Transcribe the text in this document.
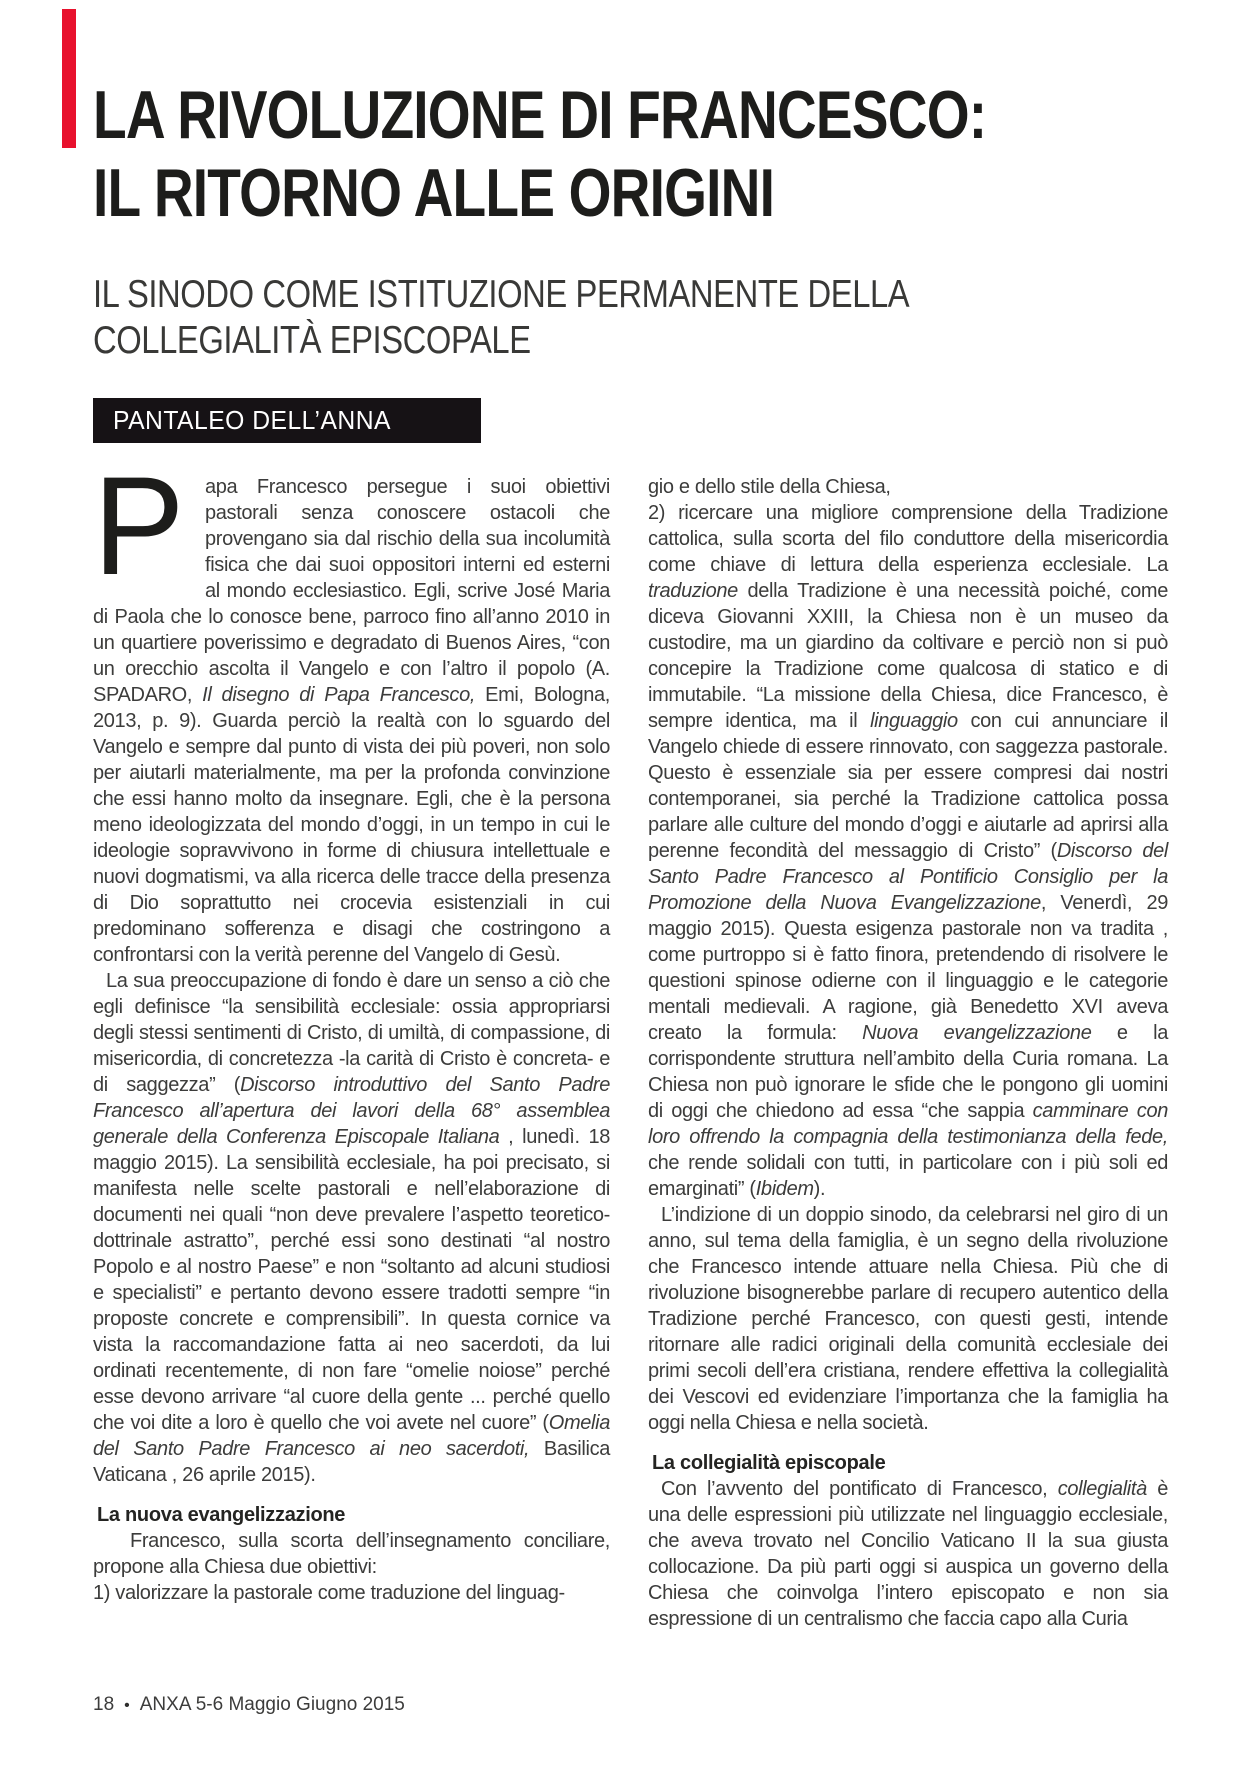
LA RIVOLUZIONE DI FRANCESCO:
IL RITORNO ALLE ORIGINI
IL SINODO COME ISTITUZIONE PERMANENTE DELLA
COLLEGIALITÀ EPISCOPALE
PANTALEO DELL’ANNA

P	apa Francesco persegue i suoi obiettivi pastorali senza conoscere ostacoli che provengano sia dal rischio della sua incolumità fisica che dai suoi oppositori interni ed esterni al mondo ecclesiastico. Egli, scrive José Maria di Paola che lo conosce bene, parroco fino all’anno 2010 in un quartiere poverissimo e degradato di Buenos Aires, “con un orecchio ascolta il Vangelo e con l’altro il popolo (A. SPADARO, Il disegno di Papa Francesco, Emi, Bologna, 2013, p. 9). Guarda perciò la realtà con lo sguardo del Vangelo e sempre dal punto di vista dei più poveri, non solo per aiutarli materialmente, ma per la profonda convinzione che essi hanno molto da insegnare. Egli, che è la persona meno ideologizzata del mondo d’oggi, in un tempo in cui le ideologie sopravvivono in forme di chiusura intellettuale e nuovi dogmatismi, va alla ricerca delle tracce della presenza di Dio soprattutto nei crocevia esistenziali in cui predominano sofferenza e disagi che costringono a confrontarsi con la verità perenne del Vangelo di Gesù.

La sua preoccupazione di fondo è dare un senso a ciò che egli definisce “la sensibilità ecclesiale: ossia appropriarsi degli stessi sentimenti di Cristo, di umiltà, di compassione, di misericordia, di concretezza -la carità di Cristo è concreta- e di saggezza” (Discorso introduttivo del Santo Padre Francesco all’apertura dei lavori della 68° assemblea generale della Conferenza Episcopale Italiana , lunedì. 18 maggio 2015). La sensibilità ecclesiale, ha poi precisato, si manifesta nelle scelte pastorali e nell’elaborazione di documenti nei quali “non deve prevalere l’aspetto teoretico-dottrinale astratto”, perché essi sono destinati “al nostro Popolo e al nostro Paese” e non “soltanto ad alcuni studiosi e specialisti” e pertanto devono essere tradotti sempre “in proposte concrete e comprensibili”. In questa cornice va vista la raccomandazione fatta ai neo sacerdoti, da lui ordinati recentemente, di non fare “omelie noiose” perché esse devono arrivare “al cuore della gente ... perché quello che voi dite a loro è quello che voi avete nel cuore” (Omelia del Santo Padre Francesco ai neo sacerdoti, Basilica Vaticana , 26 aprile 2015).

La nuova evangelizzazione

Francesco, sulla scorta dell’insegnamento conciliare, propone alla Chiesa due obiettivi:

1) valorizzare la pastorale come traduzione del linguag-

gio e dello stile della Chiesa,

2) ricercare una migliore comprensione della Tradizione cattolica, sulla scorta del filo conduttore della misericordia come chiave di lettura della esperienza ecclesiale. La traduzione della Tradizione è una necessità poiché, come diceva Giovanni XXIII, la Chiesa non è un museo da custodire, ma un giardino da coltivare e perciò non si può concepire la Tradizione come qualcosa di statico e di immutabile. “La missione della Chiesa, dice Francesco, è sempre identica, ma il linguaggio con cui annunciare il Vangelo chiede di essere rinnovato, con saggezza pastorale. Questo è essenziale sia per essere compresi dai nostri contemporanei, sia perché la Tradizione cattolica possa parlare alle culture del mondo d’oggi e aiutarle ad aprirsi alla perenne fecondità del messaggio di Cristo” (Discorso del Santo Padre Francesco al Pontificio Consiglio per la Promozione della Nuova Evangelizzazione, Venerdì, 29 maggio 2015). Questa esigenza pastorale non va tradita , come purtroppo si è fatto finora, pretendendo di risolvere le questioni spinose odierne con il linguaggio e le categorie mentali medievali. A ragione, già Benedetto XVI aveva creato la formula: Nuova evangelizzazione e la corrispondente struttura nell’ambito della Curia romana. La Chiesa non può ignorare le sfide che le pongono gli uomini di oggi che chiedono ad essa “che sappia camminare con loro offrendo la compagnia della testimonianza della fede, che rende solidali con tutti, in particolare con i più soli ed emarginati” (Ibidem).

L’indizione di un doppio sinodo, da celebrarsi nel giro di un anno, sul tema della famiglia, è un segno della rivoluzione che Francesco intende attuare nella Chiesa. Più che di rivoluzione bisognerebbe parlare di recupero autentico della Tradizione perché Francesco, con questi gesti, intende ritornare alle radici originali della comunità ecclesiale dei primi secoli dell’era cristiana, rendere effettiva la collegialità dei Vescovi ed evidenziare l’importanza che la famiglia ha oggi nella Chiesa e nella società.

La collegialità episcopale

Con l’avvento del pontificato di Francesco, collegialità è una delle espressioni più utilizzate nel linguaggio ecclesiale, che aveva trovato nel Concilio Vaticano II la sua giusta collocazione. Da più parti oggi si auspica un governo della Chiesa che coinvolga l’intero episcopato e non sia espressione di un centralismo che faccia capo alla Curia

18 • ANXA 5-6 Maggio Giugno 2015
